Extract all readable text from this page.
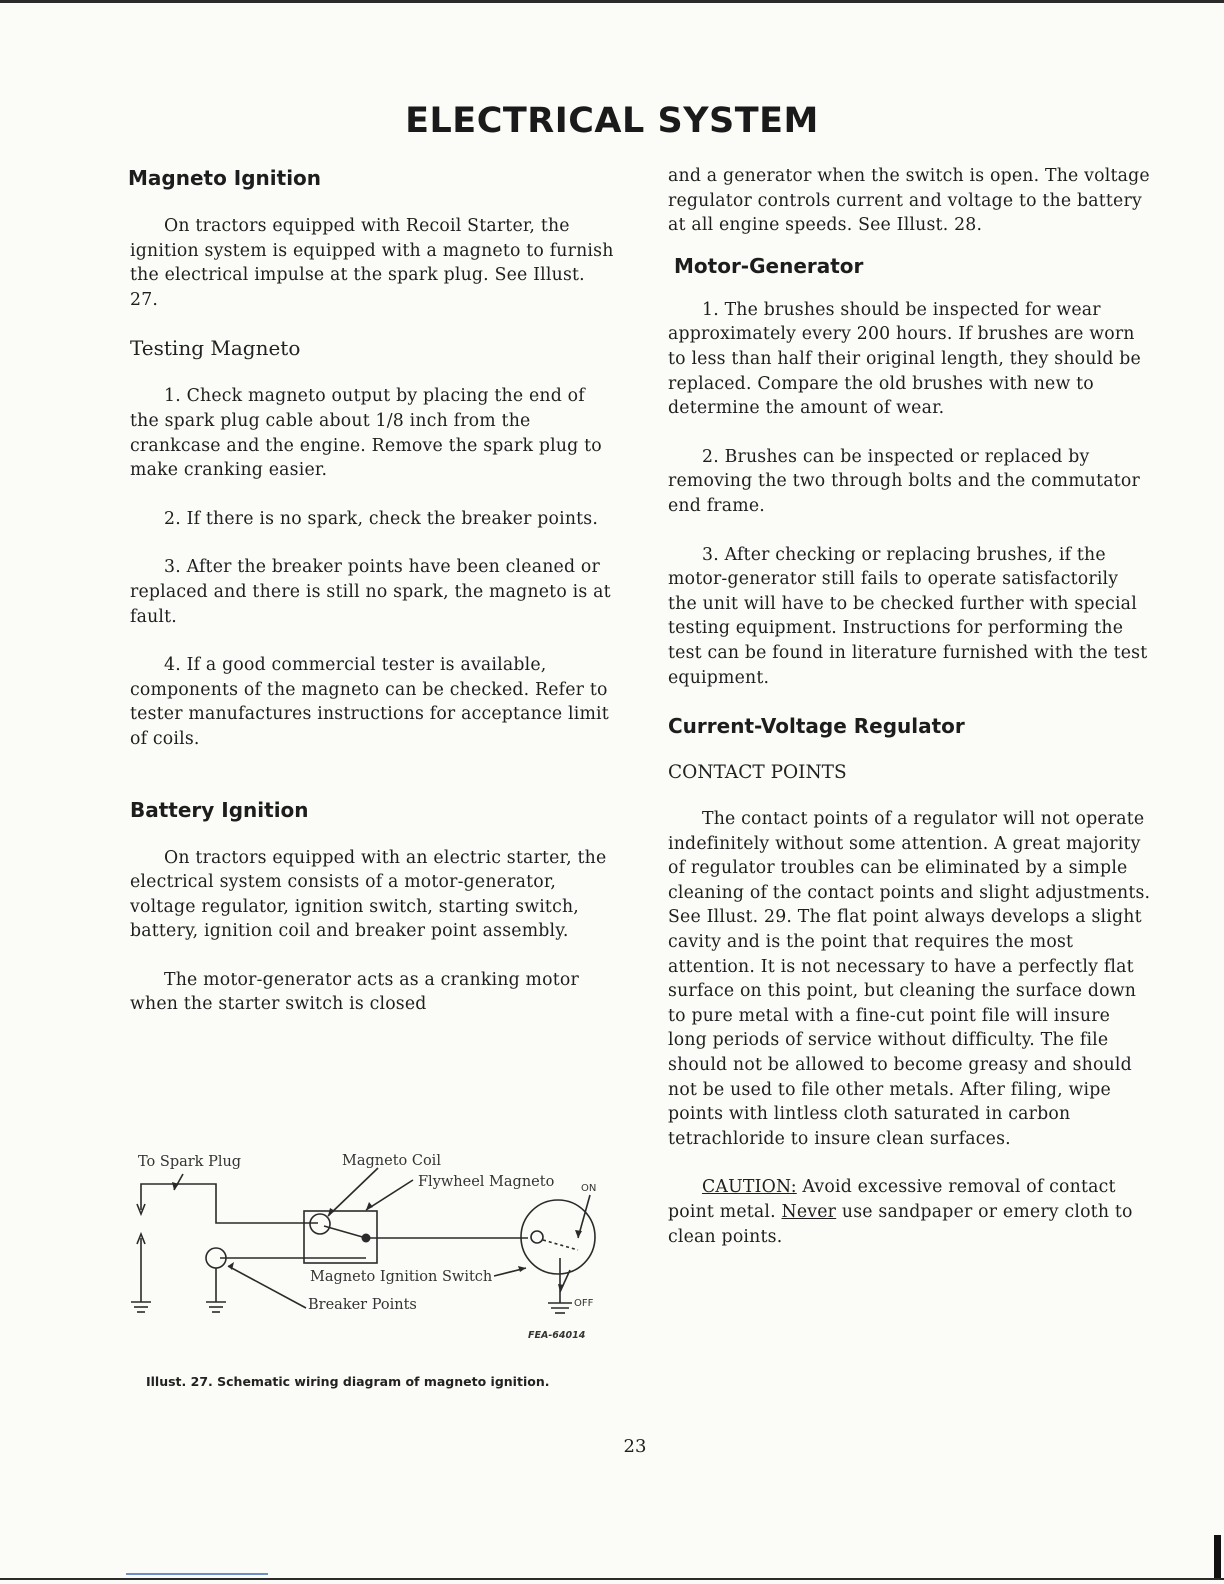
ELECTRICAL SYSTEM
Magneto Ignition

On tractors equipped with Recoil Starter, the ignition system is equipped with a magneto to furnish the electrical impulse at the spark plug. See Illust. 27.

Testing Magneto

1. Check magneto output by placing the end of the spark plug cable about 1/8 inch from the crankcase and the engine. Remove the spark plug to make cranking easier.

2. If there is no spark, check the breaker points.

3. After the breaker points have been cleaned or replaced and there is still no spark, the magneto is at fault.

4. If a good commercial tester is available, components of the magneto can be checked. Refer to tester manufactures instructions for acceptance limit of coils.

Battery Ignition

On tractors equipped with an electric starter, the electrical system consists of a motor-generator, voltage regulator, ignition switch, starting switch, battery, ignition coil and breaker point assembly.

The motor-generator acts as a cranking motor when the starter switch is closed

and a generator when the switch is open. The voltage regulator controls current and voltage to the battery at all engine speeds. See Illust. 28.

Motor-Generator

1. The brushes should be inspected for wear approximately every 200 hours. If brushes are worn to less than half their original length, they should be replaced. Compare the old brushes with new to determine the amount of wear.

2. Brushes can be inspected or replaced by removing the two through bolts and the commutator end frame.

3. After checking or replacing brushes, if the motor-generator still fails to operate satisfactorily the unit will have to be checked further with special testing equipment. Instructions for performing the test can be found in literature furnished with the test equipment.

Current-Voltage Regulator
CONTACT POINTS

The contact points of a regulator will not operate indefinitely without some attention. A great majority of regulator troubles can be eliminated by a simple cleaning of the contact points and slight adjustments. See Illust. 29. The flat point always develops a slight cavity and is the point that requires the most attention. It is not necessary to have a perfectly flat surface on this point, but cleaning the surface down to pure metal with a fine-cut point file will insure long periods of service without difficulty. The file should not be allowed to become greasy and should not be used to file other metals. After filing, wipe points with lintless cloth saturated in carbon tetrachloride to insure clean surfaces.

CAUTION: Avoid excessive removal of contact point metal. Never use sandpaper or emery cloth to clean points.

To Spark Plug	Magneto Coil
Flywheel Magneto	ON
OFF
Magneto Ignition Switch
Breaker Points
FEA-64014
Illust. 27. Schematic wiring diagram of magneto ignition.
23
